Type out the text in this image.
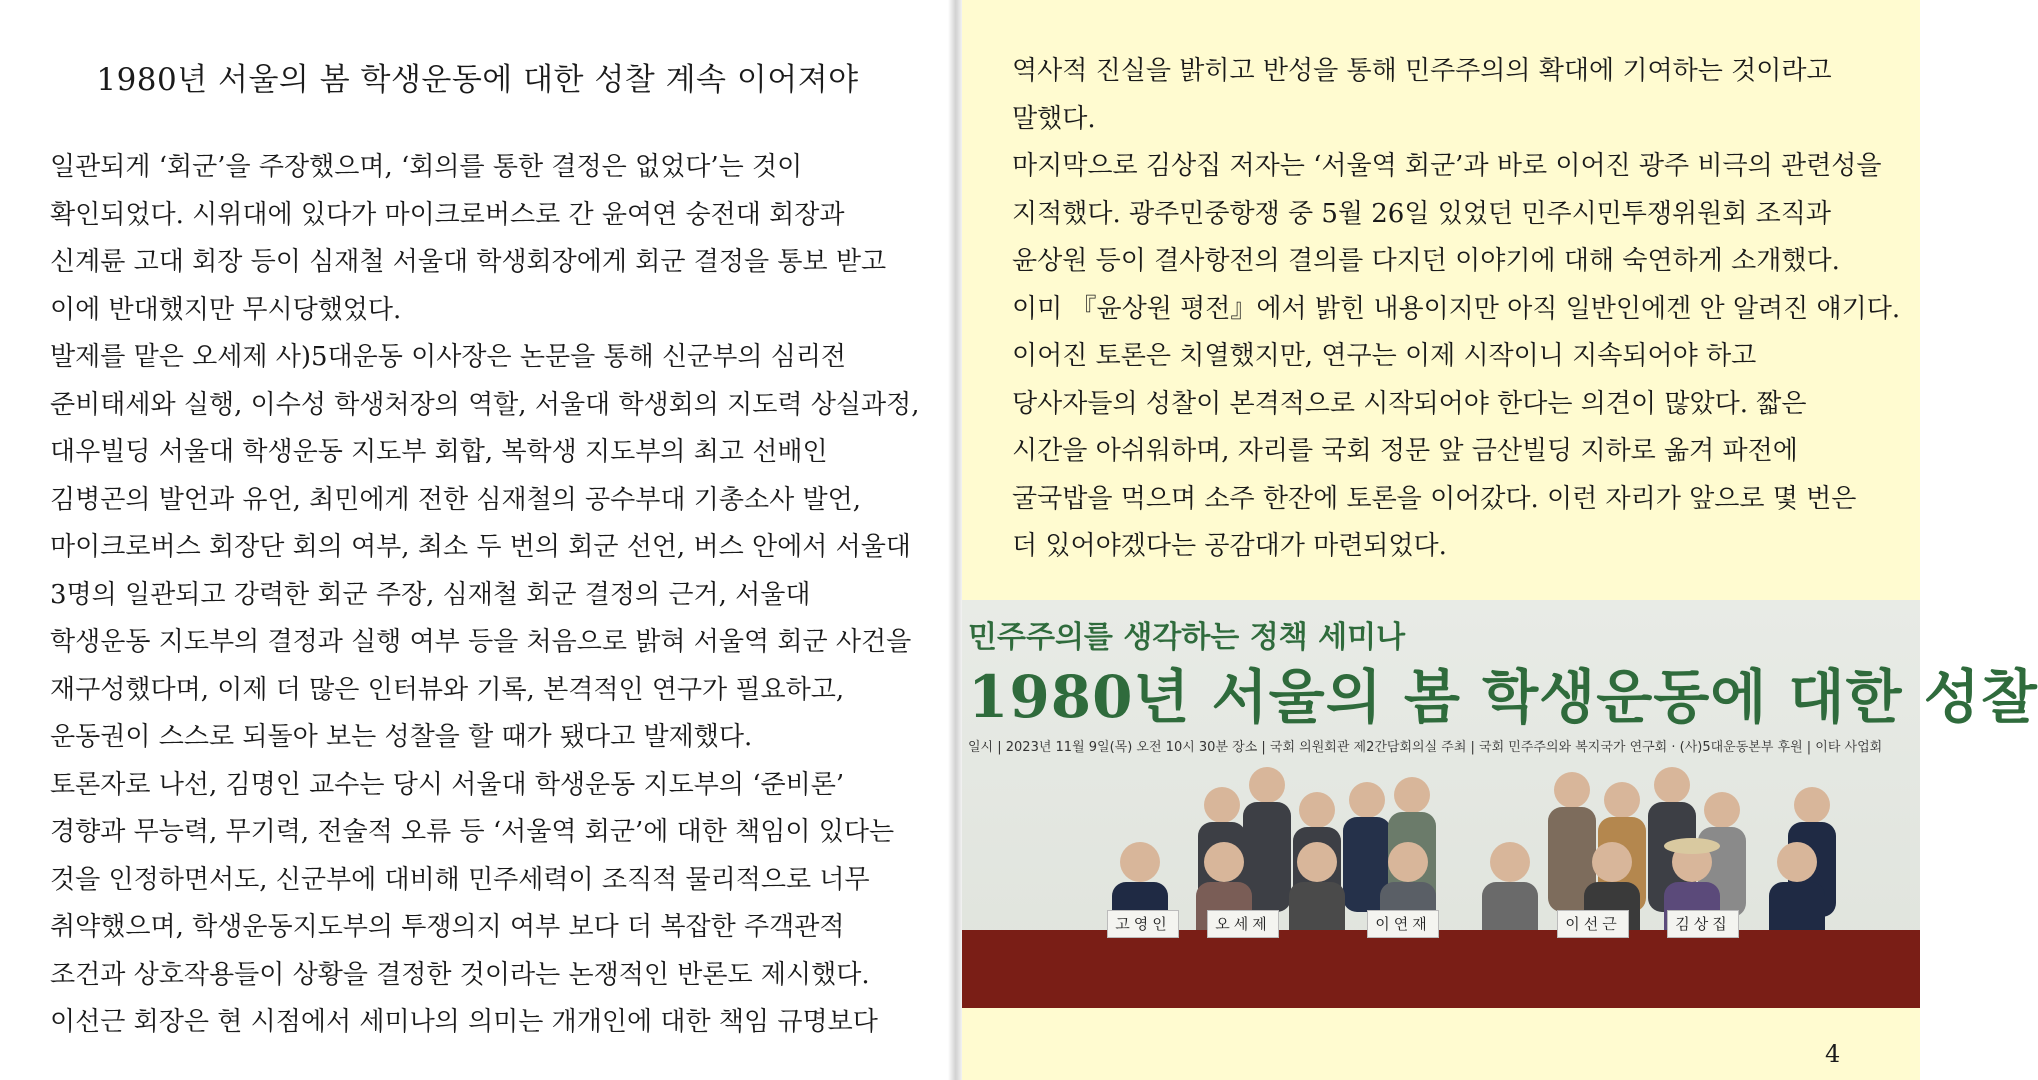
1980년 서울의 봄 학생운동에 대한 성찰 계속 이어져야
일관되게 ‘회군’을 주장했으며, ‘회의를 통한 결정은 없었다’는 것이
확인되었다. 시위대에 있다가 마이크로버스로 간 윤여연 숭전대 회장과
신계륜 고대 회장 등이 심재철 서울대 학생회장에게 회군 결정을 통보 받고
이에 반대했지만 무시당했었다.
발제를 맡은 오세제 사)5대운동 이사장은 논문을 통해 신군부의 심리전
준비태세와 실행, 이수성 학생처장의 역할, 서울대 학생회의 지도력 상실과정,
대우빌딩 서울대 학생운동 지도부 회합, 복학생 지도부의 최고 선배인
김병곤의 발언과 유언, 최민에게 전한 심재철의 공수부대 기총소사 발언,
마이크로버스 회장단 회의 여부, 최소 두 번의 회군 선언, 버스 안에서 서울대
3명의 일관되고 강력한 회군 주장, 심재철 회군 결정의 근거, 서울대
학생운동 지도부의 결정과 실행 여부 등을 처음으로 밝혀 서울역 회군 사건을
재구성했다며, 이제 더 많은 인터뷰와 기록, 본격적인 연구가 필요하고,
운동권이 스스로 되돌아 보는 성찰을 할 때가 됐다고 발제했다.
토론자로 나선, 김명인 교수는 당시 서울대 학생운동 지도부의 ‘준비론’
경향과 무능력, 무기력, 전술적 오류 등 ‘서울역 회군’에 대한 책임이 있다는
것을 인정하면서도, 신군부에 대비해 민주세력이 조직적 물리적으로 너무
취약했으며, 학생운동지도부의 투쟁의지 여부 보다 더 복잡한 주객관적
조건과 상호작용들이 상황을 결정한 것이라는 논쟁적인 반론도 제시했다.
이선근 회장은 현 시점에서 세미나의 의미는 개개인에 대한 책임 규명보다
역사적 진실을 밝히고 반성을 통해 민주주의의 확대에 기여하는 것이라고
말했다.
마지막으로 김상집 저자는 ‘서울역 회군’과 바로 이어진 광주 비극의 관련성을
지적했다. 광주민중항쟁 중 5월 26일 있었던 민주시민투쟁위원회 조직과
윤상원 등이 결사항전의 결의를 다지던 이야기에 대해 숙연하게 소개했다.
이미 『윤상원 평전』에서 밝힌 내용이지만 아직 일반인에겐 안 알려진 얘기다.
이어진 토론은 치열했지만, 연구는 이제 시작이니 지속되어야 하고
당사자들의 성찰이 본격적으로 시작되어야 한다는 의견이 많았다. 짧은
시간을 아쉬워하며, 자리를 국회 정문 앞 금산빌딩 지하로 옮겨 파전에
굴국밥을 먹으며 소주 한잔에 토론을 이어갔다. 이런 자리가 앞으로 몇 번은
더 있어야겠다는 공감대가 마련되었다.
민주주의를 생각하는 정책 세미나
1980년 서울의 봄 학생운동에 대한 성찰
일시 | 2023년 11월 9일(목) 오전 10시 30분 장소 | 국회 의원회관 제2간담회의실 주최 | 국회 민주주의와 복지국가 연구회 · (사)5대운동본부 후원 | 이타 사업회
고영인	오세제	이연재	이선근	김상집
4
